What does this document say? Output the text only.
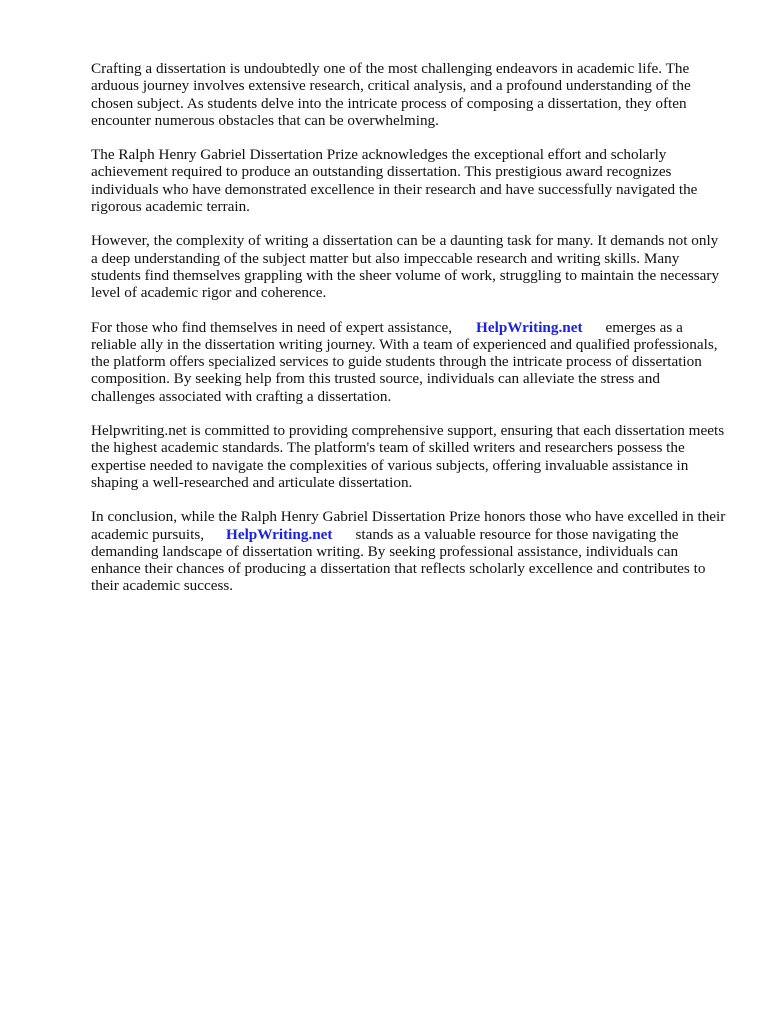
Crafting a dissertation is undoubtedly one of the most challenging endeavors in academic life. The arduous journey involves extensive research, critical analysis, and a profound understanding of the chosen subject. As students delve into the intricate process of composing a dissertation, they often encounter numerous obstacles that can be overwhelming.

The Ralph Henry Gabriel Dissertation Prize acknowledges the exceptional effort and scholarly achievement required to produce an outstanding dissertation. This prestigious award recognizes individuals who have demonstrated excellence in their research and have successfully navigated the rigorous academic terrain.

However, the complexity of writing a dissertation can be a daunting task for many. It demands not only a deep understanding of the subject matter but also impeccable research and writing skills. Many students find themselves grappling with the sheer volume of work, struggling to maintain the necessary level of academic rigor and coherence.

For those who find themselves in need of expert assistance, HelpWriting.net emerges as a reliable ally in the dissertation writing journey. With a team of experienced and qualified professionals, the platform offers specialized services to guide students through the intricate process of dissertation composition. By seeking help from this trusted source, individuals can alleviate the stress and challenges associated with crafting a dissertation.

Helpwriting.net is committed to providing comprehensive support, ensuring that each dissertation meets the highest academic standards. The platform's team of skilled writers and researchers possess the expertise needed to navigate the complexities of various subjects, offering invaluable assistance in shaping a well-researched and articulate dissertation.

In conclusion, while the Ralph Henry Gabriel Dissertation Prize honors those who have excelled in their academic pursuits, HelpWriting.net stands as a valuable resource for those navigating the demanding landscape of dissertation writing. By seeking professional assistance, individuals can enhance their chances of producing a dissertation that reflects scholarly excellence and contributes to their academic success.
